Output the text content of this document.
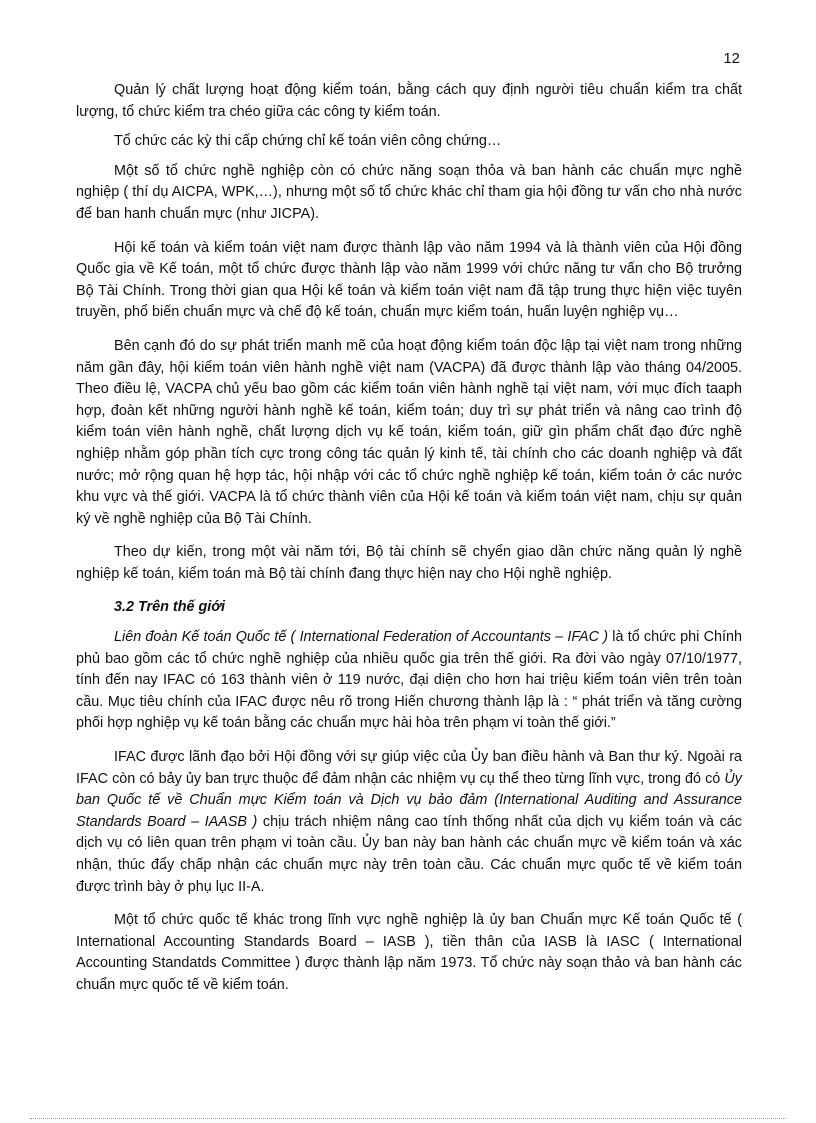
12

Quản lý chất lượng hoạt động kiểm toán, bằng cách quy định người tiêu chuẩn kiểm tra chất lượng, tổ chức kiểm tra chéo giữa các công ty kiểm toán.

Tổ chức các kỳ thi cấp chứng chỉ kế toán viên công chứng…

Một số tổ chức nghề nghiệp còn có chức năng soạn thỏa và ban hành các chuẩn mực nghề nghiệp ( thí dụ AICPA, WPK,…), nhưng một số tổ chức khác chỉ tham gia hội đồng tư vấn cho nhà nước để ban hanh chuẩn mực (như JICPA).

Hội kế toán và kiểm toán việt nam được thành lập vào năm 1994 và là thành viên của Hội đồng Quốc gia về Kế toán, một tổ chức được thành lập vào năm 1999 với chức năng tư vấn cho Bộ trưởng Bộ Tài Chính. Trong thời gian qua Hội kế toán và kiểm toán việt nam đã tập trung thực hiện việc tuyên truyền, phổ biến chuẩn mực và chế độ kế toán, chuẩn mực kiểm toán, huấn luyện nghiệp vụ…

Bên cạnh đó do sự phát triển manh mẽ của hoạt động kiểm toán độc lập tại việt nam trong những năm gần đây, hội kiểm toán viên hành nghề việt nam (VACPA) đã được thành lập vào tháng 04/2005. Theo điều lệ, VACPA chủ yếu bao gồm các kiểm toán viên hành nghề tại việt nam, với mục đích taaph hợp, đoàn kết những người hành nghề kế toán, kiểm toán; duy trì sự phát triển và nâng cao trình độ kiểm toán viên hành nghề, chất lượng dịch vụ kế toán, kiểm toán, giữ gìn phẩm chất đạo đức nghề nghiệp nhằm góp phần tích cực trong công tác quản lý kinh tế, tài chính cho các doanh nghiệp và đất nước; mở rộng quan hệ hợp tác, hội nhập với các tổ chức nghề nghiệp kế toán, kiểm toán ở các nước khu vực và thế giới. VACPA là tổ chức thành viên của Hội kế toán và kiểm toán việt nam, chịu sự quản ký về nghề nghiệp của Bộ Tài Chính.

Theo dự kiến, trong một vài năm tới, Bộ tài chính sẽ chyển giao dần chức năng quản lý nghề nghiệp kế toán, kiểm toán mà Bộ tài chính đang thực hiện nay cho Hội nghề nghiệp.

3.2 Trên thế giới

Liên đoàn Kế toán Quốc tế ( International Federation of Accountants – IFAC ) là tổ chức phi Chính phủ bao gồm các tổ chức nghề nghiệp của nhiều quốc gia trên thế giới. Ra đời vào ngày 07/10/1977, tính đến nay IFAC có 163 thành viên ở 119 nước, đại diện cho hơn hai triệu kiểm toán viên trên toàn cầu. Mục tiêu chính của IFAC được nêu rõ trong Hiến chương thành lập là : “ phát triển và tăng cường phối hợp nghiệp vụ kế toán bằng các chuẩn mực hài hòa trên phạm vi toàn thế giới.”

IFAC được lãnh đạo bởi Hội đồng với sự giúp việc của Ủy ban điều hành và Ban thư ký. Ngoài ra IFAC còn có bảy ủy ban trực thuộc để đảm nhận các nhiệm vụ cụ thể theo từng lĩnh vực, trong đó có Ủy ban Quốc tế về Chuẩn mực Kiểm toán và Dịch vụ bảo đảm (International Auditing and Assurance Standards Board – IAASB ) chịu trách nhiệm nâng cao tính thống nhất của dịch vụ kiểm toán và các dịch vụ có liên quan trên phạm vi toàn cầu. Ủy ban này ban hành các chuẩn mực về kiểm toán và xác nhận, thúc đẩy chấp nhận các chuẩn mực này trên toàn cầu. Các chuẩn mực quốc tế về kiểm toán được trình bày ở phụ lục II-A.

Một tổ chức quốc tế khác trong lĩnh vực nghề nghiệp là ủy ban Chuẩn mực Kế toán Quốc tế ( International Accounting Standards Board – IASB ), tiền thân của IASB là IASC ( International Accounting Standatds Committee ) được thành lập năm 1973. Tổ chức này soạn thảo và ban hành các chuẩn mực quốc tế về kiểm toán.
